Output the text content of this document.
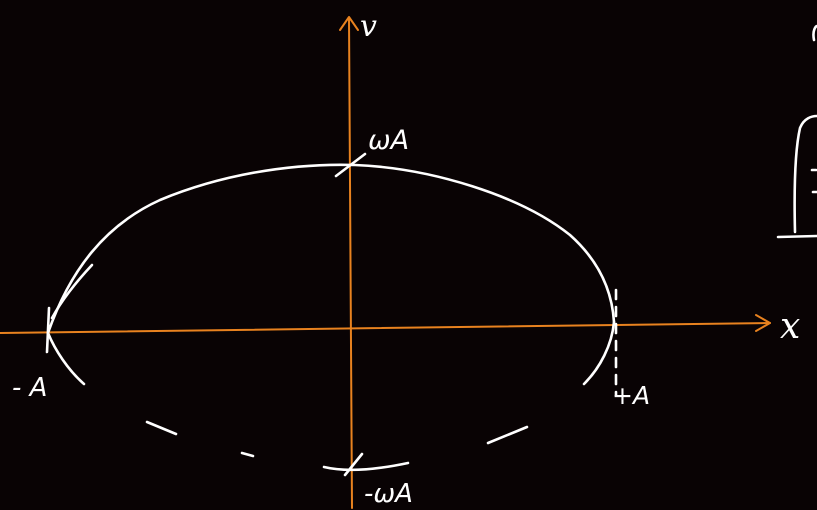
ωA
-ωA
- A	+A
v
x
